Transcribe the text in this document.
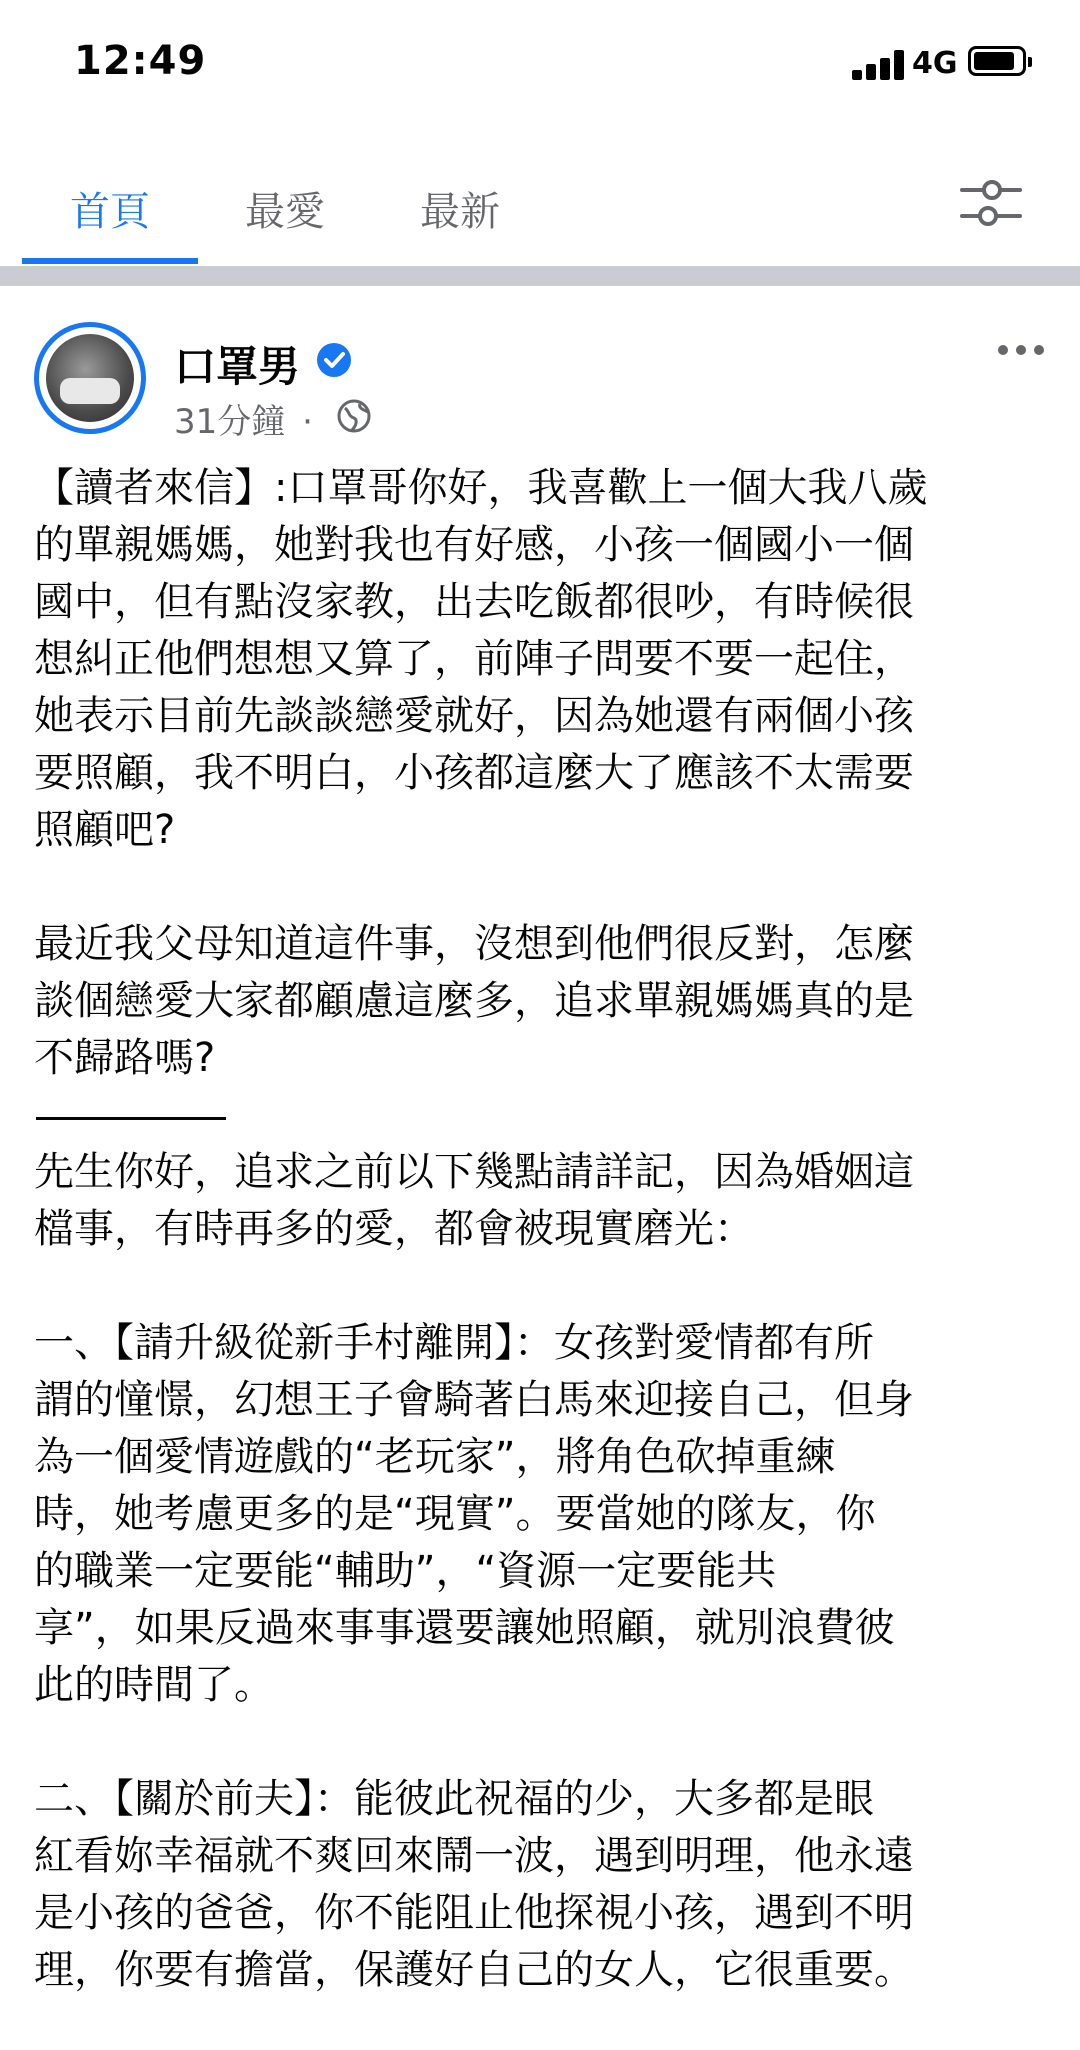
12:49	4G
首頁 最愛 最新
口罩男
31分鐘 ·
【讀者來信】:口罩哥你好，我喜歡上一個大我八歲
的單親媽媽，她對我也有好感，小孩一個國小一個
國中，但有點沒家教，出去吃飯都很吵，有時候很
想糾正他們想想又算了，前陣子問要不要一起住，
她表示目前先談談戀愛就好，因為她還有兩個小孩
要照顧，我不明白，小孩都這麼大了應該不太需要
照顧吧?
最近我父母知道這件事，沒想到他們很反對，怎麼
談個戀愛大家都顧慮這麼多，追求單親媽媽真的是
不歸路嗎?
先生你好，追求之前以下幾點請詳記，因為婚姻這
檔事，有時再多的愛，都會被現實磨光：
一、【請升級從新手村離開】：女孩對愛情都有所
謂的憧憬，幻想王子會騎著白馬來迎接自己，但身
為一個愛情遊戲的“老玩家”，將角色砍掉重練
時，她考慮更多的是“現實”。要當她的隊友，你
的職業一定要能“輔助”，“資源一定要能共
享”，如果反過來事事還要讓她照顧，就別浪費彼
此的時間了。
二、【關於前夫】：能彼此祝福的少，大多都是眼
紅看妳幸福就不爽回來鬧一波，遇到明理，他永遠
是小孩的爸爸，你不能阻止他探視小孩，遇到不明
理，你要有擔當，保護好自己的女人，它很重要。
